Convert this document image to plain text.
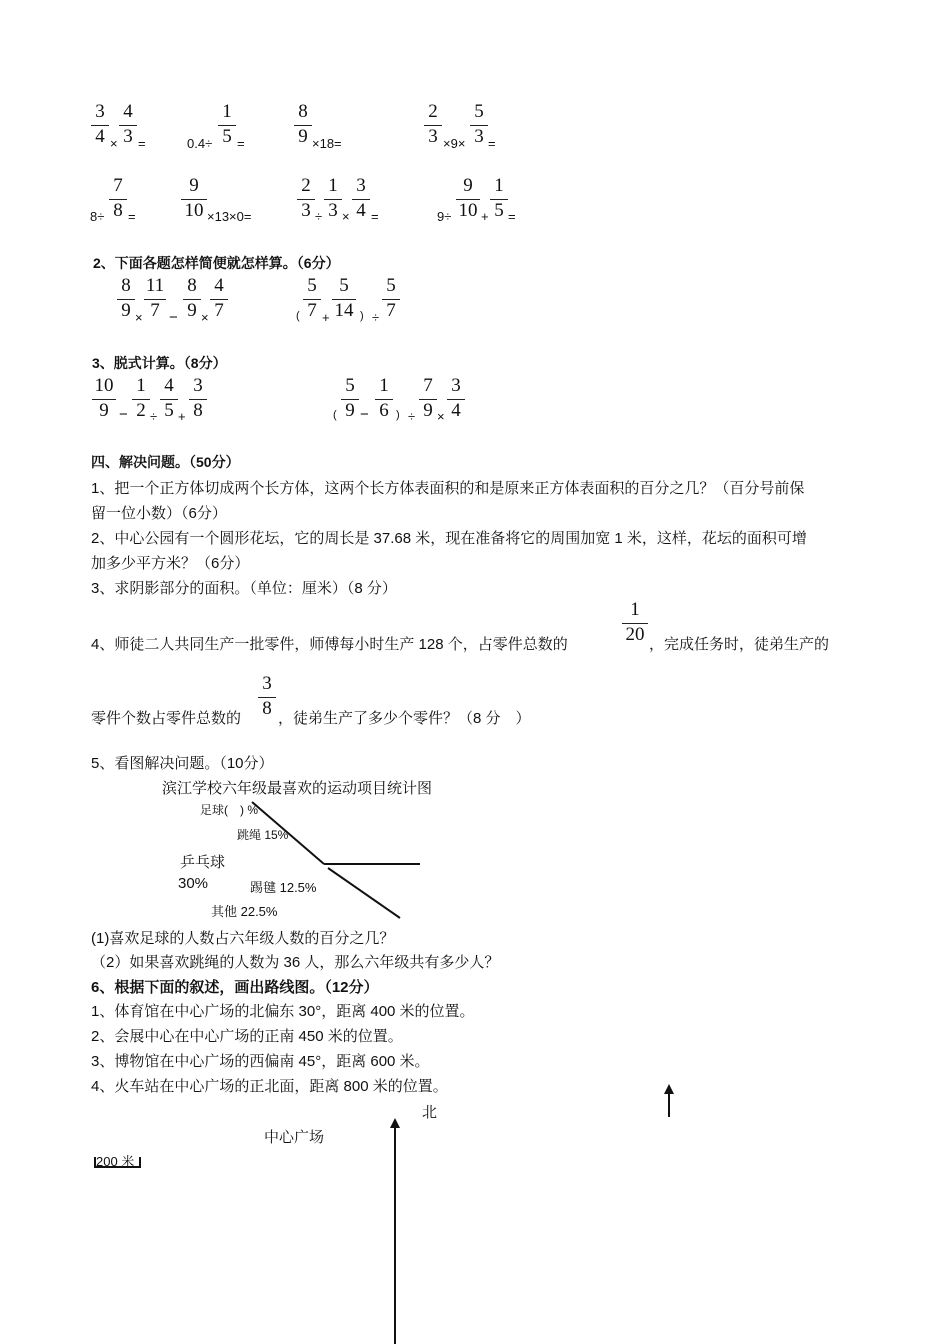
3
4 ×
4
3 =	0.4÷
1
5 =
8
9 ×18=
2
3 ×9×
5
3 =
8÷
7
8 =
9
10 ×13×0=
2
3 ÷
1
3 ×
3
4 =	9÷
9
10 +
1
5 =
2、下面各题怎样简便就怎样算。（6分）
8
9 ×
11
7 −
8
9 ×
4
7	(
5
7 +
5
14 ) ÷
5
7
3、脱式计算。（8分）
10
9 −
1
2 ÷
4
5 +
3
8	(
5
9 −
1
6 ) ÷
7
9 ×
3
4
四、解决问题。（50分）
1、把一个正方体切成两个长方体，这两个长方体表面积的和是原来正方体表面积的百分之几？（百分号前保
留一位小数）（6分）
2、中心公园有一个圆形花坛，它的周长是 37.68 米，现在准备将它的周围加宽 1 米，这样，花坛的面积可增
加多少平方米？（6分）
3、求阴影部分的面积。（单位：厘米）（8 分）
4、师徒二人共同生产一批零件，师傅每小时生产 128 个，占零件总数的
1
20 ，完成任务时，徒弟生产的
零件个数占零件总数的
3
8 ，徒弟生产了多少个零件？（8 分　）
5、看图解决问题。（10分）
滨江学校六年级最喜欢的运动项目统计图
足球(　) %
跳绳 15%
乒乓球
30%	踢毽 12.5%
其他 22.5%
(1)喜欢足球的人数占六年级人数的百分之几？
（2）如果喜欢跳绳的人数为 36 人，那么六年级共有多少人？
6、根据下面的叙述，画出路线图。（12分）
1、体育馆在中心广场的北偏东 30°，距离 400 米的位置。
2、会展中心在中心广场的正南 450 米的位置。
3、博物馆在中心广场的西偏南 45°，距离 600 米。
4、火车站在中心广场的正北面，距离 800 米的位置。
北
中心广场
200 米
